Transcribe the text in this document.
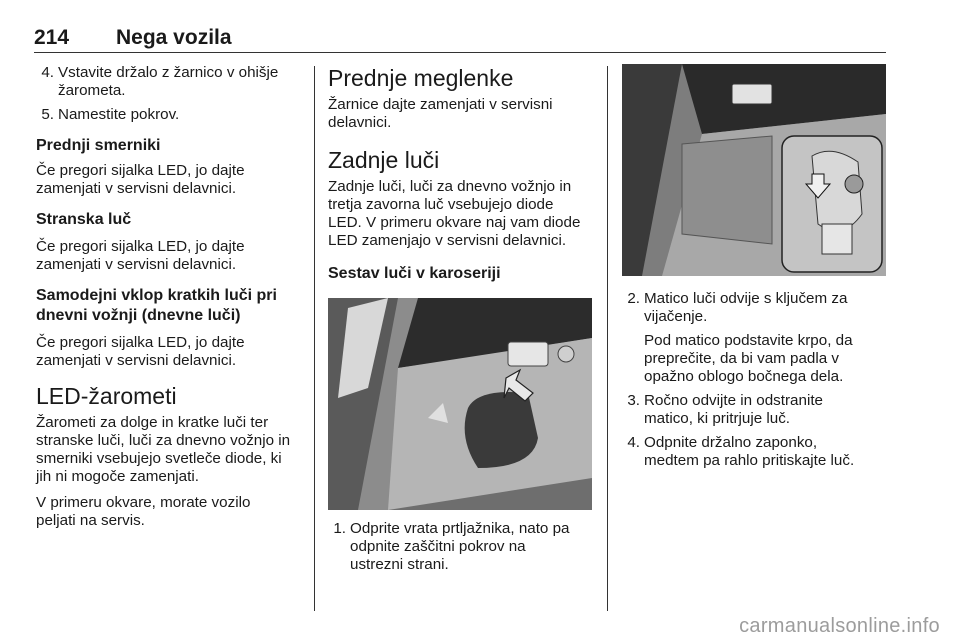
214 Nega vozila
4. Vstavite držalo z žarnico v ohišje

žarometa.

5. Namestite pokrov.

Prednji smerniki

Če pregori sijalka LED, jo dajte

zamenjati v servisni delavnici.

Stranska luč

Če pregori sijalka LED, jo dajte

zamenjati v servisni delavnici.

Samodejni vklop kratkih luči pri

dnevni vožnji (dnevne luči)

Če pregori sijalka LED, jo dajte

zamenjati v servisni delavnici.

LED-žarometi

Žarometi za dolge in kratke luči ter

stranske luči, luči za dnevno vožnjo in

smerniki vsebujejo svetleče diode, ki

jih ni mogoče zamenjati.

V primeru okvare, morate vozilo

peljati na servis.

Prednje meglenke

Žarnice dajte zamenjati v servisni

delavnici.

Zadnje luči

Zadnje luči, luči za dnevno vožnjo in

tretja zavorna luč vsebujejo diode

LED. V primeru okvare naj vam diode

LED zamenjajo v servisni delavnici.

Sestav luči v karoseriji

1. Odprite vrata prtljažnika, nato pa

odpnite zaščitni pokrov na

ustrezni strani.

2. Matico luči odvije s ključem za

vijačenje.

Pod matico podstavite krpo, da

preprečite, da bi vam padla v

opažno oblogo bočnega dela.

3. Ročno odvijte in odstranite

matico, ki pritrjuje luč.

4. Odpnite držalno zaponko,

medtem pa rahlo pritiskajte luč.

carmanualsonline.info
